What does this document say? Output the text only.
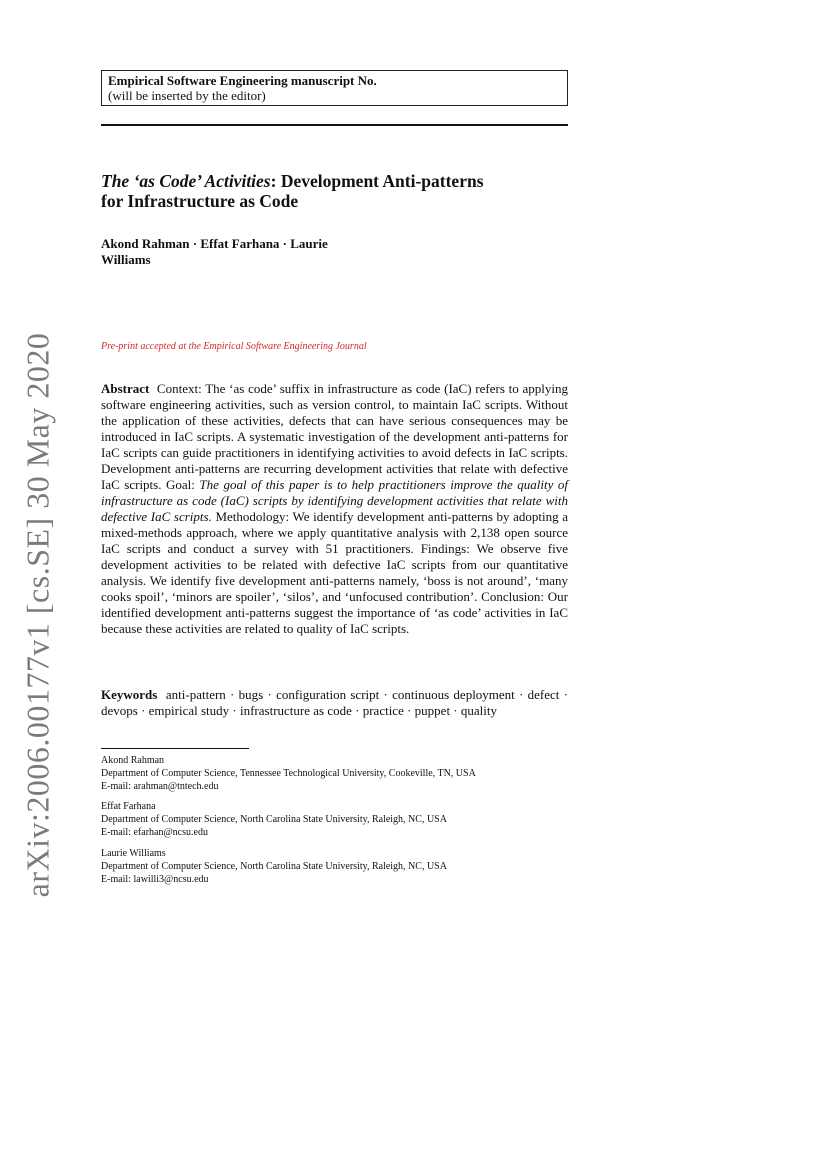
arXiv:2006.00177v1 [cs.SE] 30 May 2020
Empirical Software Engineering manuscript No.
(will be inserted by the editor)
The ‘as Code’ Activities: Development Anti-patterns
for Infrastructure as Code
Akond Rahman · Effat Farhana · Laurie
Williams
Pre-print accepted at the Empirical Software Engineering Journal
Abstract Context: The ‘as code’ suffix in infrastructure as code (IaC) refers to applying software engineering activities, such as version control, to maintain IaC scripts. Without the application of these activities, defects that can have serious consequences may be introduced in IaC scripts. A systematic investigation of the development anti-patterns for IaC scripts can guide practitioners in identifying activities to avoid defects in IaC scripts. Development anti-patterns are recurring development activities that relate with defective IaC scripts. Goal: The goal of this paper is to help practitioners improve the quality of infrastructure as code (IaC) scripts by identifying development activities that relate with defective IaC scripts. Methodology: We identify development anti-patterns by adopting a mixed-methods approach, where we apply quantitative analysis with 2,138 open source IaC scripts and conduct a survey with 51 practitioners. Findings: We observe five development activities to be related with defective IaC scripts from our quantitative analysis. We identify five development anti-patterns namely, ‘boss is not around’, ‘many cooks spoil’, ‘minors are spoiler’, ‘silos’, and ‘unfocused contribution’. Conclusion: Our identified development anti-patterns suggest the importance of ‘as code’ activities in IaC because these activities are related to quality of IaC scripts.
Keywords anti-pattern · bugs · configuration script · continuous deployment · defect · devops · empirical study · infrastructure as code · practice · puppet · quality
Akond Rahman
Department of Computer Science, Tennessee Technological University, Cookeville, TN, USA
E-mail: arahman@tntech.edu
Effat Farhana
Department of Computer Science, North Carolina State University, Raleigh, NC, USA
E-mail: efarhan@ncsu.edu
Laurie Williams
Department of Computer Science, North Carolina State University, Raleigh, NC, USA
E-mail: lawilli3@ncsu.edu
